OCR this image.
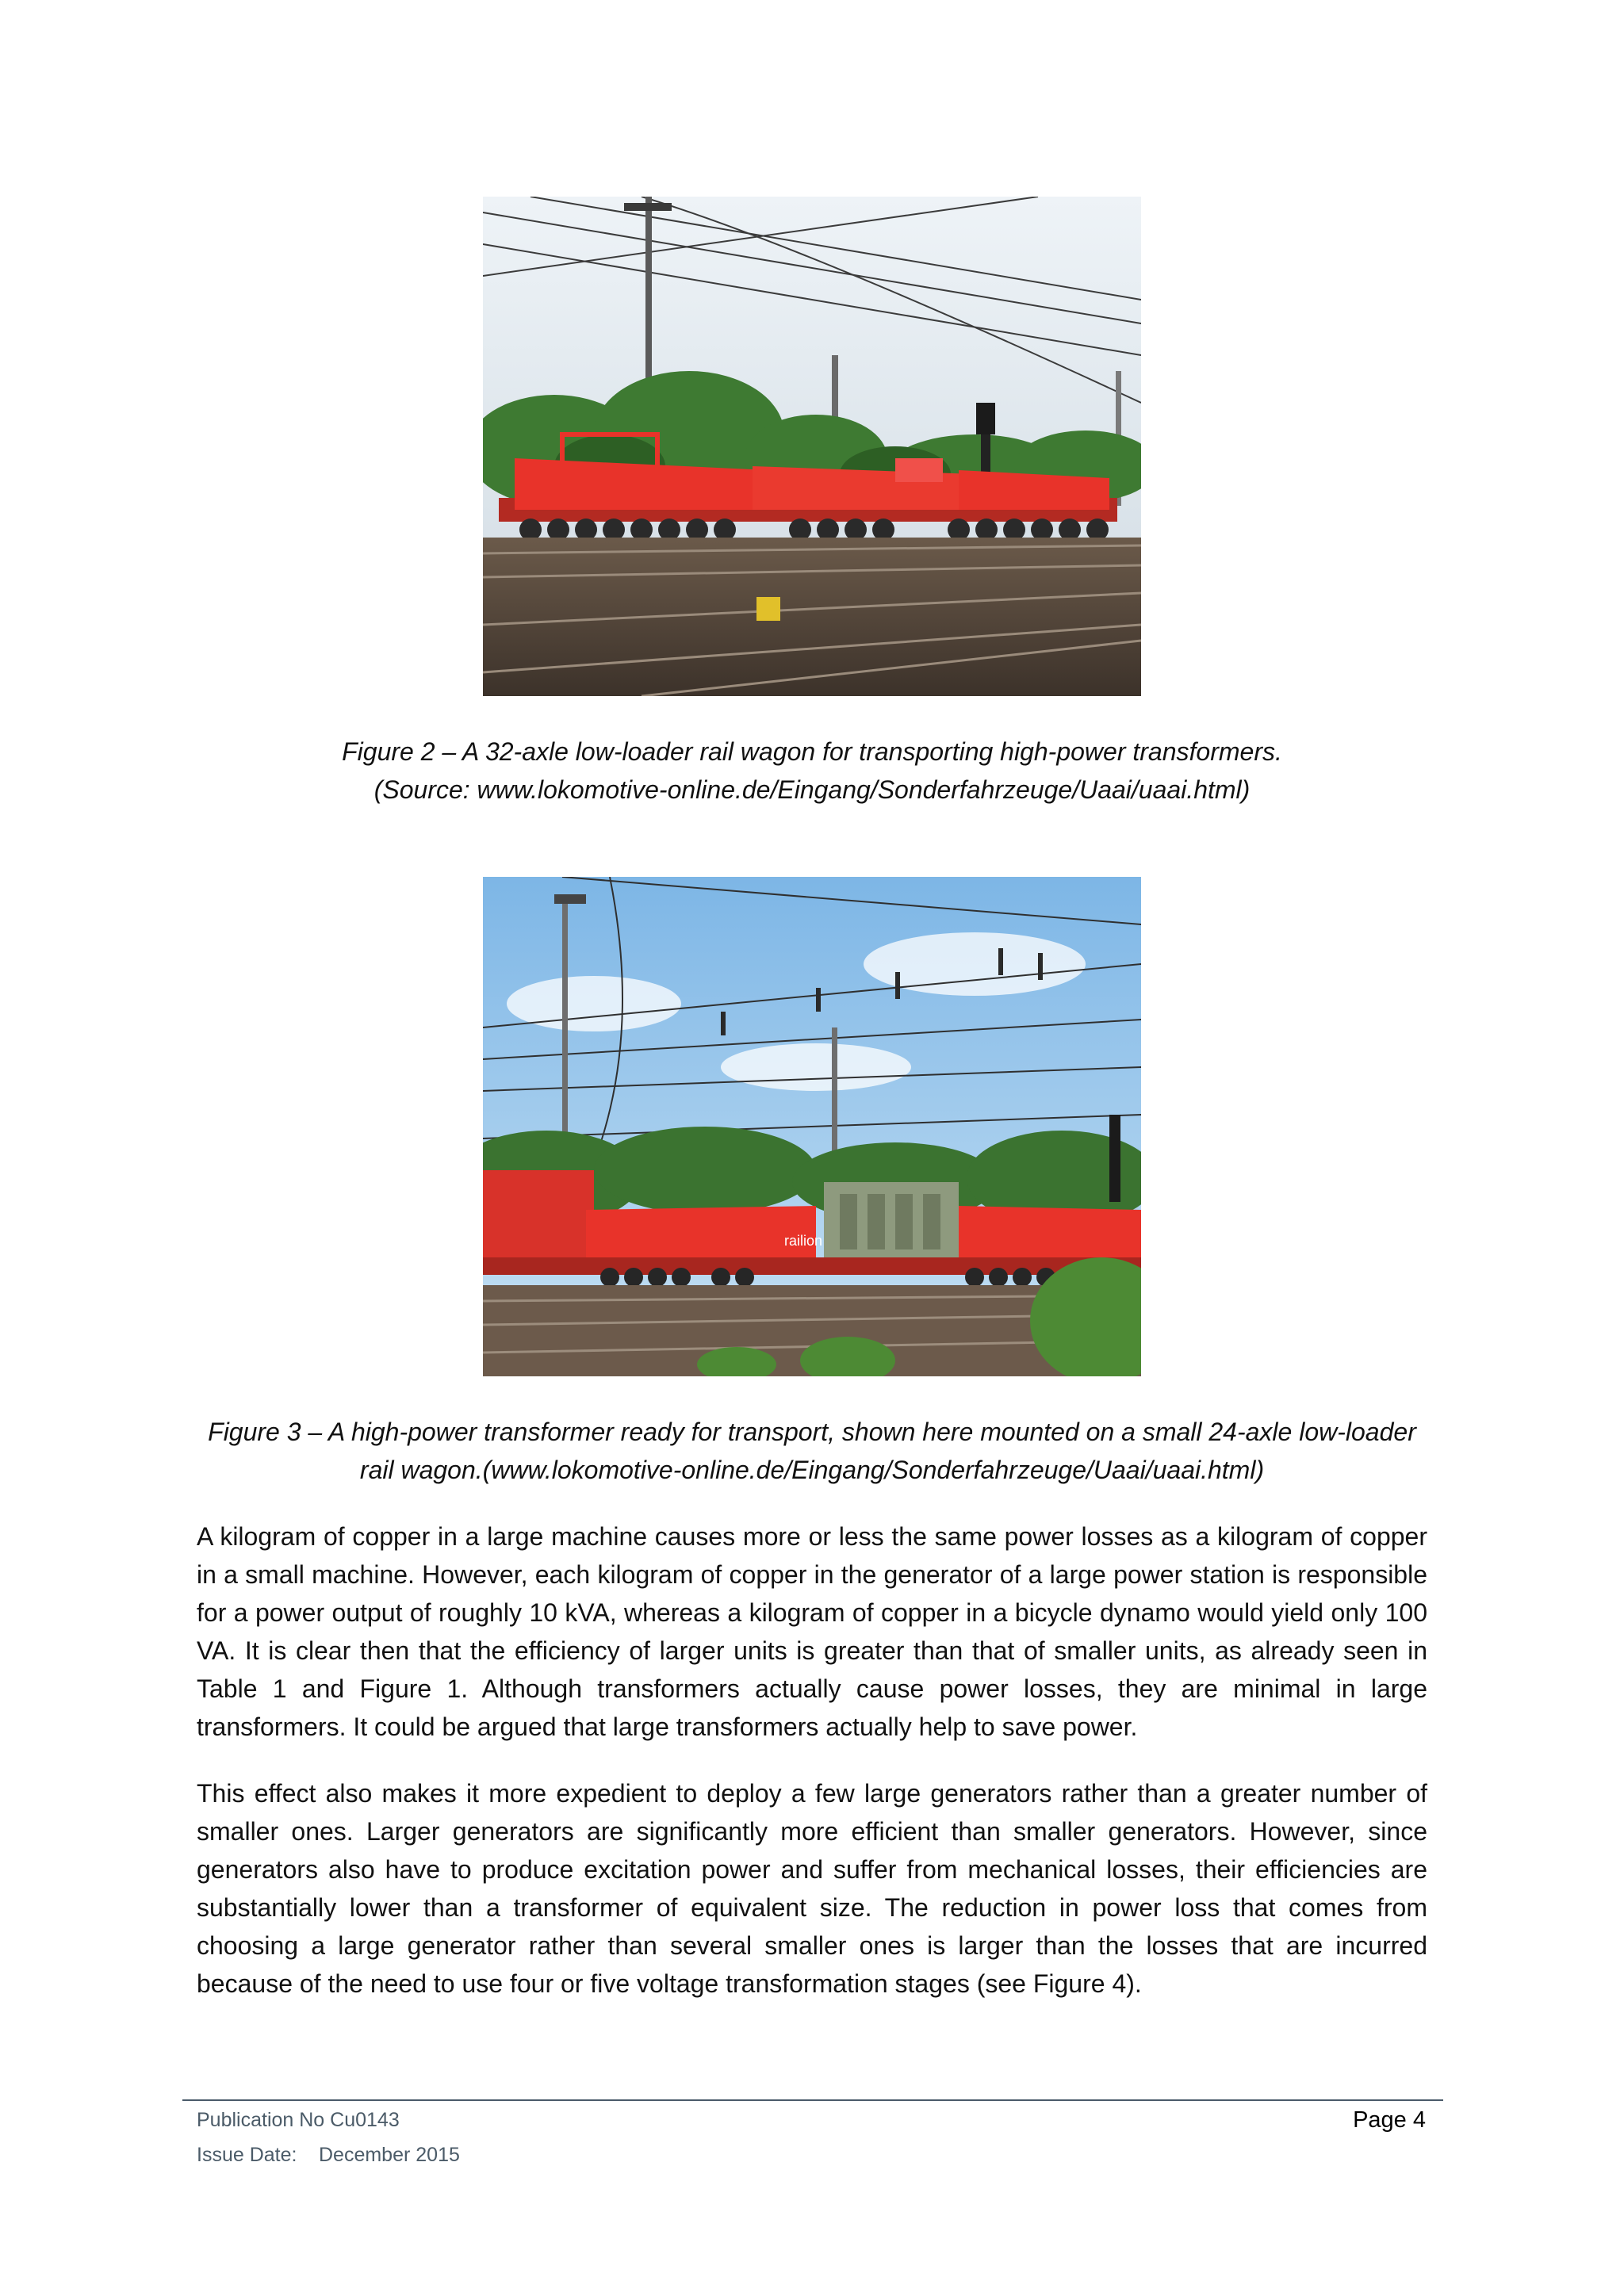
Figure 2 – A 32-axle low-loader rail wagon for transporting high-power transformers.
(Source: www.lokomotive-online.de/Eingang/Sonderfahrzeuge/Uaai/uaai.html)
railion
Figure 3 – A high-power transformer ready for transport, shown here mounted on a small 24-axle low-loader
rail wagon.(www.lokomotive-online.de/Eingang/Sonderfahrzeuge/Uaai/uaai.html)

A kilogram of copper in a large machine causes more or less the same power losses as a kilogram of copper in a small machine. However, each kilogram of copper in the generator of a large power station is responsible for a power output of roughly 10 kVA, whereas a kilogram of copper in a bicycle dynamo would yield only 100 VA. It is clear then that the efficiency of larger units is greater than that of smaller units, as already seen in Table 1 and Figure 1. Although transformers actually cause power losses, they are minimal in large transformers. It could be argued that large transformers actually help to save power.

This effect also makes it more expedient to deploy a few large generators rather than a greater number of smaller ones. Larger generators are significantly more efficient than smaller generators. However, since generators also have to produce excitation power and suffer from mechanical losses, their efficiencies are substantially lower than a transformer of equivalent size. The reduction in power loss that comes from choosing a large generator rather than several smaller ones is larger than the losses that are incurred because of the need to use four or five voltage transformation stages (see Figure 4).

Publication No Cu0143
Issue Date: December 2015
Page 4
